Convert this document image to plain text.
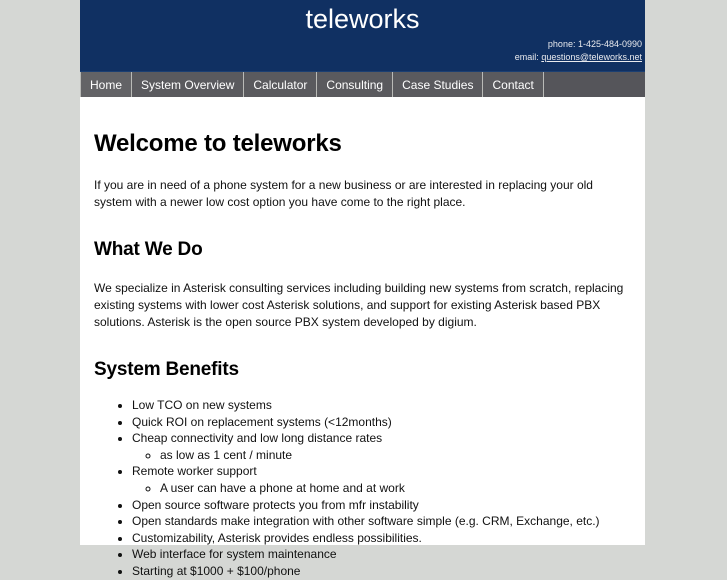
teleworks
phone: 1-425-484-0990
email: questions@teleworks.net
Home	System Overview	Calculator	Consulting	Case Studies	Contact
Welcome to teleworks

If you are in need of a phone system for a new business or are interested in replacing your old system with a newer low cost option you have come to the right place.

What We Do

We specialize in Asterisk consulting services including building new systems from scratch, replacing existing systems with lower cost Asterisk solutions, and support for existing Asterisk based PBX solutions. Asterisk is the open source PBX system developed by digium.

System Benefits
• Low TCO on new systems
• Quick ROI on replacement systems (<12months)
• Cheap connectivity and low long distance rates
◦ as low as 1 cent / minute
• Remote worker support
◦ A user can have a phone at home and at work
• Open source software protects you from mfr instability
• Open standards make integration with other software simple (e.g. CRM, Exchange, etc.)
• Customizability, Asterisk provides endless possibilities.
• Web interface for system maintenance
• Starting at $1000 + $100/phone
